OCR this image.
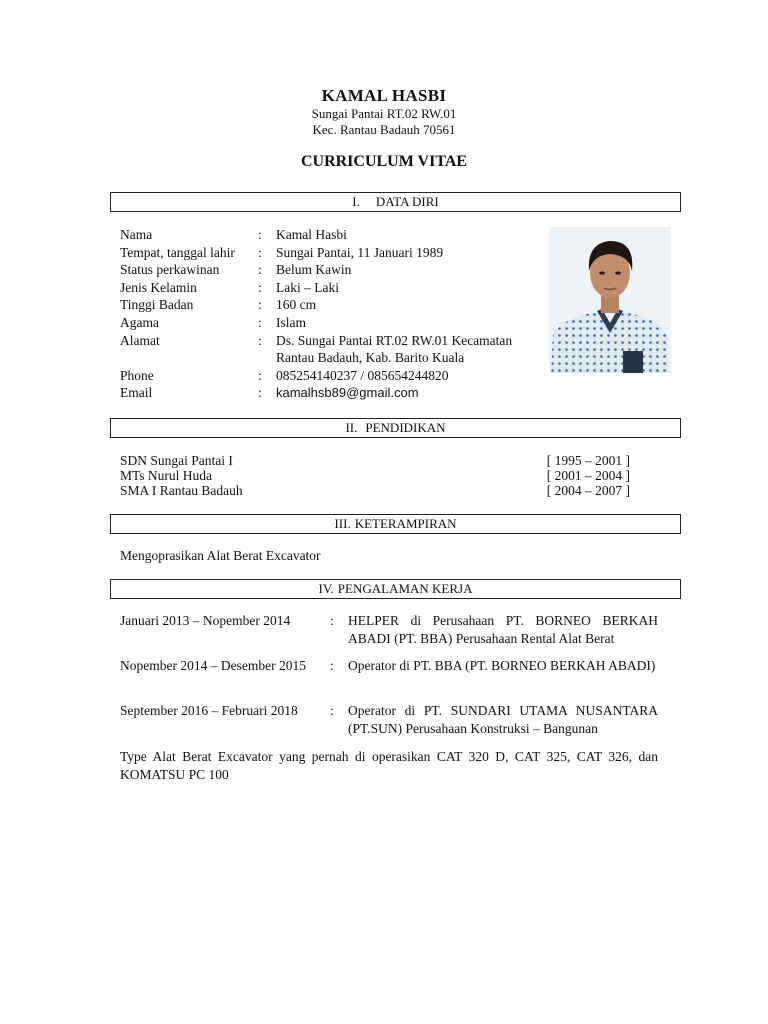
KAMAL HASBI
Sungai Pantai RT.02 RW.01
Kec. Rantau Badauh 70561
CURRICULUM VITAE
I. DATA DIRI
Nama	:	Kamal Hasbi
Tempat, tanggal lahir	:	Sungai Pantai, 11 Januari 1989
Status perkawinan	:	Belum Kawin
Jenis Kelamin	:	Laki – Laki
Tinggi Badan	:	160 cm
Agama	:	Islam
Alamat	:	Ds. Sungai Pantai RT.02 RW.01 Kecamatan
Rantau Badauh, Kab. Barito Kuala
Phone	:	085254140237 / 085654244820
Email	:	kamalhsb89@gmail.com
II. PENDIDIKAN
SDN Sungai Pantai I	[ 1995 – 2001 ]
MTs Nurul Huda	[ 2001 – 2004 ]
SMA I Rantau Badauh	[ 2004 – 2007 ]
III. KETERAMPIRAN
Mengoprasikan Alat Berat Excavator
IV. PENGALAMAN KERJA
Januari 2013 – Nopember 2014	:	HELPER di Perusahaan PT. BORNEO BERKAH ABADI (PT. BBA) Perusahaan Rental Alat Berat
Nopember 2014 – Desember 2015	:	Operator di PT. BBA (PT. BORNEO BERKAH ABADI)
September 2016 – Februari 2018	:	Operator di PT. SUNDARI UTAMA NUSANTARA (PT.SUN) Perusahaan Konstruksi – Bangunan
Type Alat Berat Excavator yang pernah di operasikan CAT 320 D, CAT 325, CAT 326, dan KOMATSU PC 100
